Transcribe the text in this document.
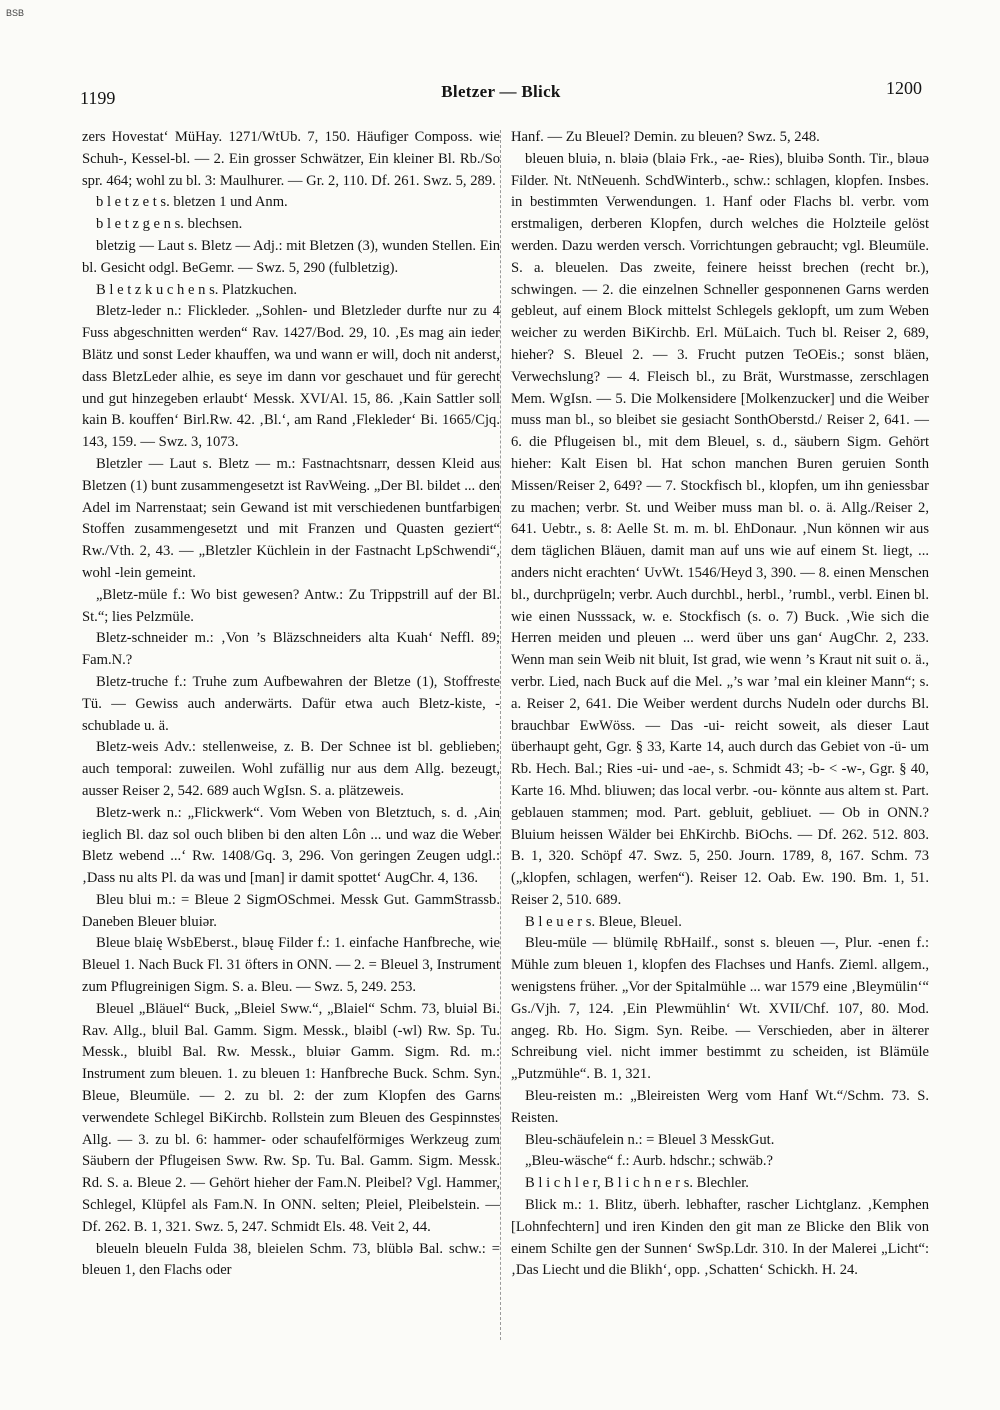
BSB
1199	Bletzer — Blick	1200

zers Hovestat‘ MüHay. 1271/WtUb. 7, 150. Häufiger Composs. wie Schuh-, Kessel-bl. — 2. Ein grosser Schwätzer, Ein kleiner Bl. Rb./So spr. 464; wohl zu bl. 3: Maulhurer. — Gr. 2, 110. Df. 261. Swz. 5, 289.

b l e t z e t s. bletzen 1 und Anm.

b l e t z g e n s. blechsen.

bletzig — Laut s. Bletz — Adj.: mit Bletzen (3), wunden Stellen. Ein bl. Gesicht odgl. BeGemr. — Swz. 5, 290 (fulbletzig).

B l e t z k u c h e n s. Platzkuchen.

Bletz-leder n.: Flickleder. „Sohlen- und Bletzleder durfte nur zu 4 Fuss abgeschnitten werden“ Rav. 1427/Bod. 29, 10. ‚Es mag ain ieder Blätz und sonst Leder khauffen, wa und wann er will, doch nit anderst, dass BletzLeder alhie, es seye im dann vor geschauet und für gerecht und gut hinzegeben erlaubt‘ Messk. XVI/Al. 15, 86. ‚Kain Sattler soll kain B. kouffen‘ Birl.Rw. 42. ‚Bl.‘, am Rand ‚Flekleder‘ Bi. 1665/Cjq. 143, 159. — Swz. 3, 1073.

Bletzler — Laut s. Bletz — m.: Fastnachtsnarr, dessen Kleid aus Bletzen (1) bunt zusammengesetzt ist RavWeing. „Der Bl. bildet ... den Adel im Narrenstaat; sein Gewand ist mit verschiedenen buntfarbigen Stoffen zusammengesetzt und mit Franzen und Quasten geziert“ Rw./Vth. 2, 43. — „Bletzler Küchlein in der Fastnacht LpSchwendi“, wohl -lein gemeint.

„Bletz-müle f.: Wo bist gewesen? Antw.: Zu Trippstrill auf der Bl. St.“; lies Pelzmüle.

Bletz-schneider m.: ‚Von ’s Bläzschneiders alta Kuah‘ Neffl. 89; Fam.N.?

Bletz-truche f.: Truhe zum Aufbewahren der Bletze (1), Stoffreste Tü. — Gewiss auch anderwärts. Dafür etwa auch Bletz-kiste, -schublade u. ä.

Bletz-weis Adv.: stellenweise, z. B. Der Schnee ist bl. geblieben; auch temporal: zuweilen. Wohl zufällig nur aus dem Allg. bezeugt, ausser Reiser 2, 542. 689 auch WgIsn. S. a. plätzeweis.

Bletz-werk n.: „Flickwerk“. Vom Weben von Bletztuch, s. d. ‚Ain ieglich Bl. daz sol ouch bliben bi den alten Lôn ... und waz die Weber Bletz webend ...‘ Rw. 1408/Gq. 3, 296. Von geringen Zeugen udgl.: ‚Dass nu alts Pl. da was und [man] ir damit spottet‘ AugChr. 4, 136.

Bleu blui m.: = Bleue 2 SigmOSchmei. Messk Gut. GammStrassb. Daneben Bleuer bluiər.

Bleue blaię WsbEberst., bləuę Filder f.: 1. einfache Hanfbreche, wie Bleuel 1. Nach Buck Fl. 31 öfters in ONN. — 2. = Bleuel 3, Instrument zum Pflugreinigen Sigm. S. a. Bleu. — Swz. 5, 249. 253.

Bleuel „Bläuel“ Buck, „Bleiel Sww.“, „Blaiel“ Schm. 73, bluiəl Bi. Rav. Allg., bluil Bal. Gamm. Sigm. Messk., bləibl (-wl) Rw. Sp. Tu. Messk., bluibl Bal. Rw. Messk., bluiər Gamm. Sigm. Rd. m.: Instrument zum bleuen. 1. zu bleuen 1: Hanfbreche Buck. Schm. Syn. Bleue, Bleumüle. — 2. zu bl. 2: der zum Klopfen des Garns verwendete Schlegel BiKirchb. Rollstein zum Bleuen des Gespinnstes Allg. — 3. zu bl. 6: hammer- oder schaufelförmiges Werkzeug zum Säubern der Pflugeisen Sww. Rw. Sp. Tu. Bal. Gamm. Sigm. Messk. Rd. S. a. Bleue 2. — Gehört hieher der Fam.N. Pleibel? Vgl. Hammer, Schlegel, Klüpfel als Fam.N. In ONN. selten; Pleiel, Pleibelstein. — Df. 262. B. 1, 321. Swz. 5, 247. Schmidt Els. 48. Veit 2, 44.

bleueln bleueln Fulda 38, bleielen Schm. 73, blüblə Bal. schw.: = bleuen 1, den Flachs oder

Hanf. — Zu Bleuel? Demin. zu bleuen? Swz. 5, 248.

bleuen bluiə, n. bləiə (blaiə Frk., -ae- Ries), bluibə Sonth. Tir., bləuə Filder. Nt. NtNeuenh. SchdWinterb., schw.: schlagen, klopfen. Insbes. in bestimmten Verwendungen. 1. Hanf oder Flachs bl. verbr. vom erstmaligen, derberen Klopfen, durch welches die Holzteile gelöst werden. Dazu werden versch. Vorrichtungen gebraucht; vgl. Bleumüle. S. a. bleuelen. Das zweite, feinere heisst brechen (recht br.), schwingen. — 2. die einzelnen Schneller gesponnenen Garns werden gebleut, auf einem Block mittelst Schlegels geklopft, um zum Weben weicher zu werden BiKirchb. Erl. MüLaich. Tuch bl. Reiser 2, 689, hieher? S. Bleuel 2. — 3. Frucht putzen TeOEis.; sonst bläen, Verwechslung? — 4. Fleisch bl., zu Brät, Wurstmasse, zerschlagen Mem. WgIsn. — 5. Die Molkensidere [Molkenzucker] und die Weiber muss man bl., so bleibet sie gesiacht SonthOberstd./ Reiser 2, 641. — 6. die Pflugeisen bl., mit dem Bleuel, s. d., säubern Sigm. Gehört hieher: Kalt Eisen bl. Hat schon manchen Buren geruien Sonth Missen/Reiser 2, 649? — 7. Stockfisch bl., klopfen, um ihn geniessbar zu machen; verbr. St. und Weiber muss man bl. o. ä. Allg./Reiser 2, 641. Uebtr., s. 8: Aelle St. m. m. bl. EhDonaur. ‚Nun können wir aus dem täglichen Bläuen, damit man auf uns wie auf einem St. liegt, ... anders nicht erachten‘ UvWt. 1546/Heyd 3, 390. — 8. einen Menschen bl., durchprügeln; verbr. Auch durchbl., herbl., ’rumbl., verbl. Einen bl. wie einen Nusssack, w. e. Stockfisch (s. o. 7) Buck. ‚Wie sich die Herren meiden und pleuen ... werd über uns gan‘ AugChr. 2, 233. Wenn man sein Weib nit bluit, Ist grad, wie wenn ’s Kraut nit suit o. ä., verbr. Lied, nach Buck auf die Mel. „’s war ’mal ein kleiner Mann“; s. a. Reiser 2, 641. Die Weiber werdent durchs Nudeln oder durchs Bl. brauchbar EwWöss. — Das -ui- reicht soweit, als dieser Laut überhaupt geht, Ggr. § 33, Karte 14, auch durch das Gebiet von -ü- um Rb. Hech. Bal.; Ries -ui- und -ae-, s. Schmidt 43; -b- < -w-, Ggr. § 40, Karte 16. Mhd. bliuwen; das local verbr. -ou- könnte aus altem st. Part. geblauen stammen; mod. Part. gebluit, gebliuet. — Ob in ONN.? Bluium heissen Wälder bei EhKirchb. BiOchs. — Df. 262. 512. 803. B. 1, 320. Schöpf 47. Swz. 5, 250. Journ. 1789, 8, 167. Schm. 73 („klopfen, schlagen, werfen“). Reiser 12. Oab. Ew. 190. Bm. 1, 51. Reiser 2, 510. 689.

B l e u e r s. Bleue, Bleuel.

Bleu-müle — blümilę RbHailf., sonst s. bleuen —, Plur. -enen f.: Mühle zum bleuen 1, klopfen des Flachses und Hanfs. Zieml. allgem., wenigstens früher. „Vor der Spitalmühle ... war 1579 eine ‚Bleymülin‘“ Gs./Vjh. 7, 124. ‚Ein Plewmühlin‘ Wt. XVII/Chf. 107, 80. Mod. angeg. Rb. Ho. Sigm. Syn. Reibe. — Verschieden, aber in älterer Schreibung viel. nicht immer bestimmt zu scheiden, ist Blämüle „Putzmühle“. B. 1, 321.

Bleu-reisten m.: „Bleireisten Werg vom Hanf Wt.“/Schm. 73. S. Reisten.

Bleu-schäufelein n.: = Bleuel 3 MesskGut.

„Bleu-wäsche“ f.: Aurb. hdschr.; schwäb.?

B l i c h l e r, B l i c h n e r s. Blechler.

Blick m.: 1. Blitz, überh. lebhafter, rascher Lichtglanz. ‚Kemphen [Lohnfechtern] und iren Kinden den git man ze Blicke den Blik von einem Schilte gen der Sunnen‘ SwSp.Ldr. 310. In der Malerei „Licht“: ‚Das Liecht und die Blikh‘, opp. ‚Schatten‘ Schickh. H. 24.
